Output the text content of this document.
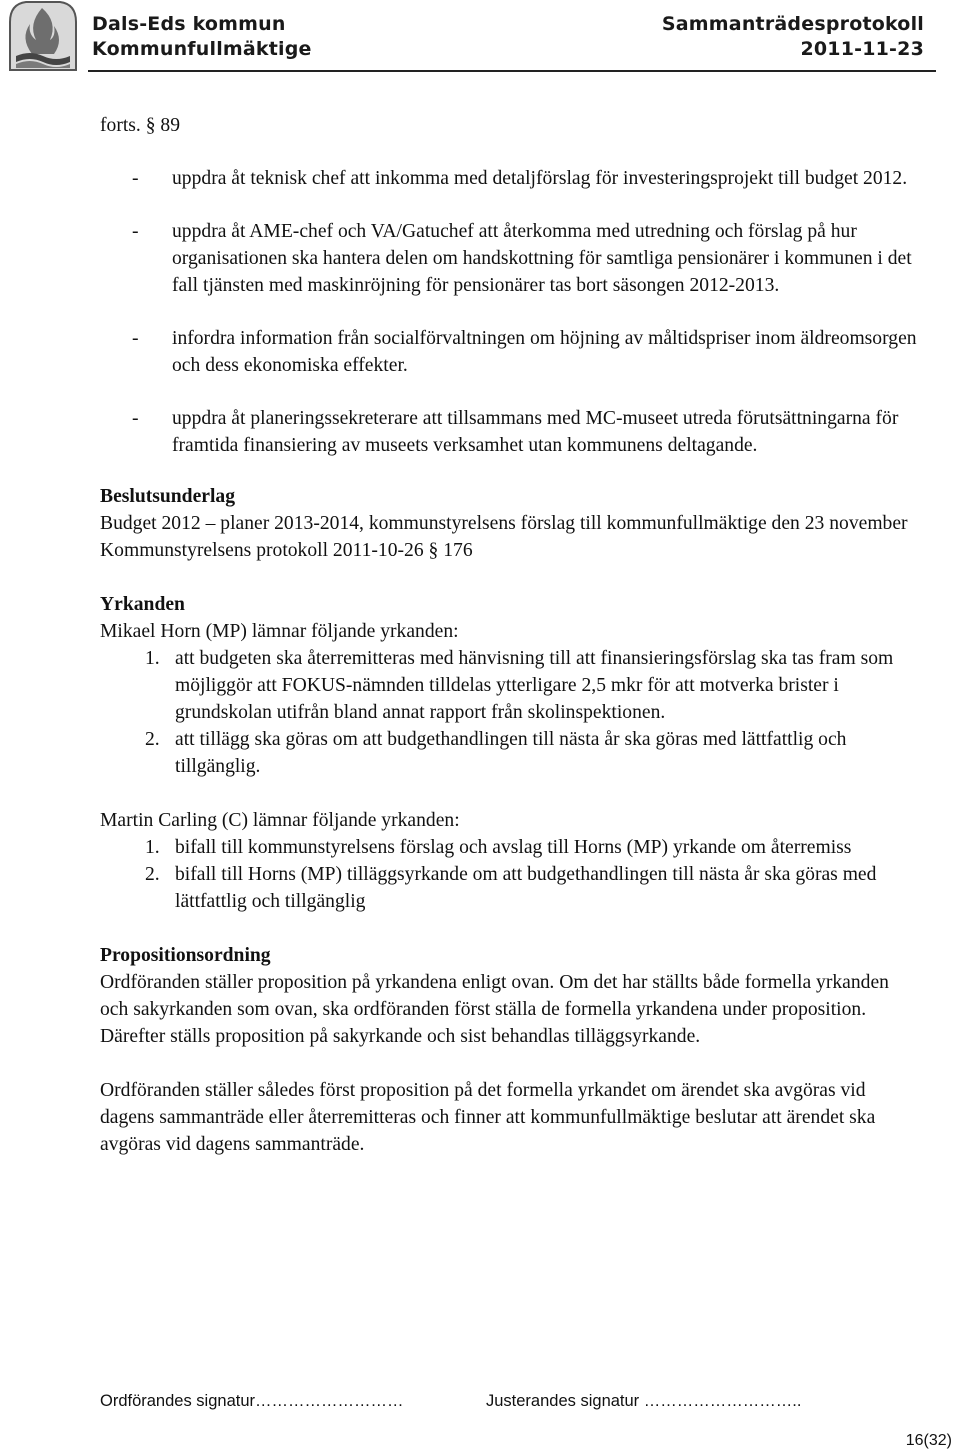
Dals-Eds kommun
Kommunfullmäktige
Sammanträdesprotokoll
2011-11-23
forts. § 89
- uppdra åt teknisk chef att inkomma med detaljförslag för investeringsprojekt till budget 2012.
- uppdra åt AME-chef och VA/Gatuchef att återkomma med utredning och förslag på hur organisationen ska hantera delen om handskottning för samtliga pensionärer i kommunen i det fall tjänsten med maskinröjning för pensionärer tas bort säsongen 2012-2013.
- infordra information från socialförvaltningen om höjning av måltidspriser inom äldreomsorgen och dess ekonomiska effekter.
- uppdra åt planeringssekreterare att tillsammans med MC-museet utreda förutsättningarna för framtida finansiering av museets verksamhet utan kommunens deltagande.
Beslutsunderlag
Budget 2012 – planer 2013-2014, kommunstyrelsens förslag till kommunfullmäktige den 23 november
Kommunstyrelsens protokoll 2011-10-26 § 176
Yrkanden
Mikael Horn (MP) lämnar följande yrkanden:
1. att budgeten ska återremitteras med hänvisning till att finansieringsförslag ska tas fram som möjliggör att FOKUS-nämnden tilldelas ytterligare 2,5 mkr för att motverka brister i grundskolan utifrån bland annat rapport från skolinspektionen.
2. att tillägg ska göras om att budgethandlingen till nästa år ska göras med lättfattlig och tillgänglig.
Martin Carling (C) lämnar följande yrkanden:
1. bifall till kommunstyrelsens förslag och avslag till Horns (MP) yrkande om återremiss
2. bifall till Horns (MP) tilläggsyrkande om att budgethandlingen till nästa år ska göras med lättfattlig och tillgänglig
Propositionsordning
Ordföranden ställer proposition på yrkandena enligt ovan. Om det har ställts både formella yrkanden och sakyrkanden som ovan, ska ordföranden först ställa de formella yrkandena under proposition. Därefter ställs proposition på sakyrkande och sist behandlas tilläggsyrkande.
Ordföranden ställer således först proposition på det formella yrkandet om ärendet ska avgöras vid dagens sammanträde eller återremitteras och finner att kommunfullmäktige beslutar att ärendet ska avgöras vid dagens sammanträde.
Ordförandes signatur………………………	Justerandes signatur ………………………..
16(32)
